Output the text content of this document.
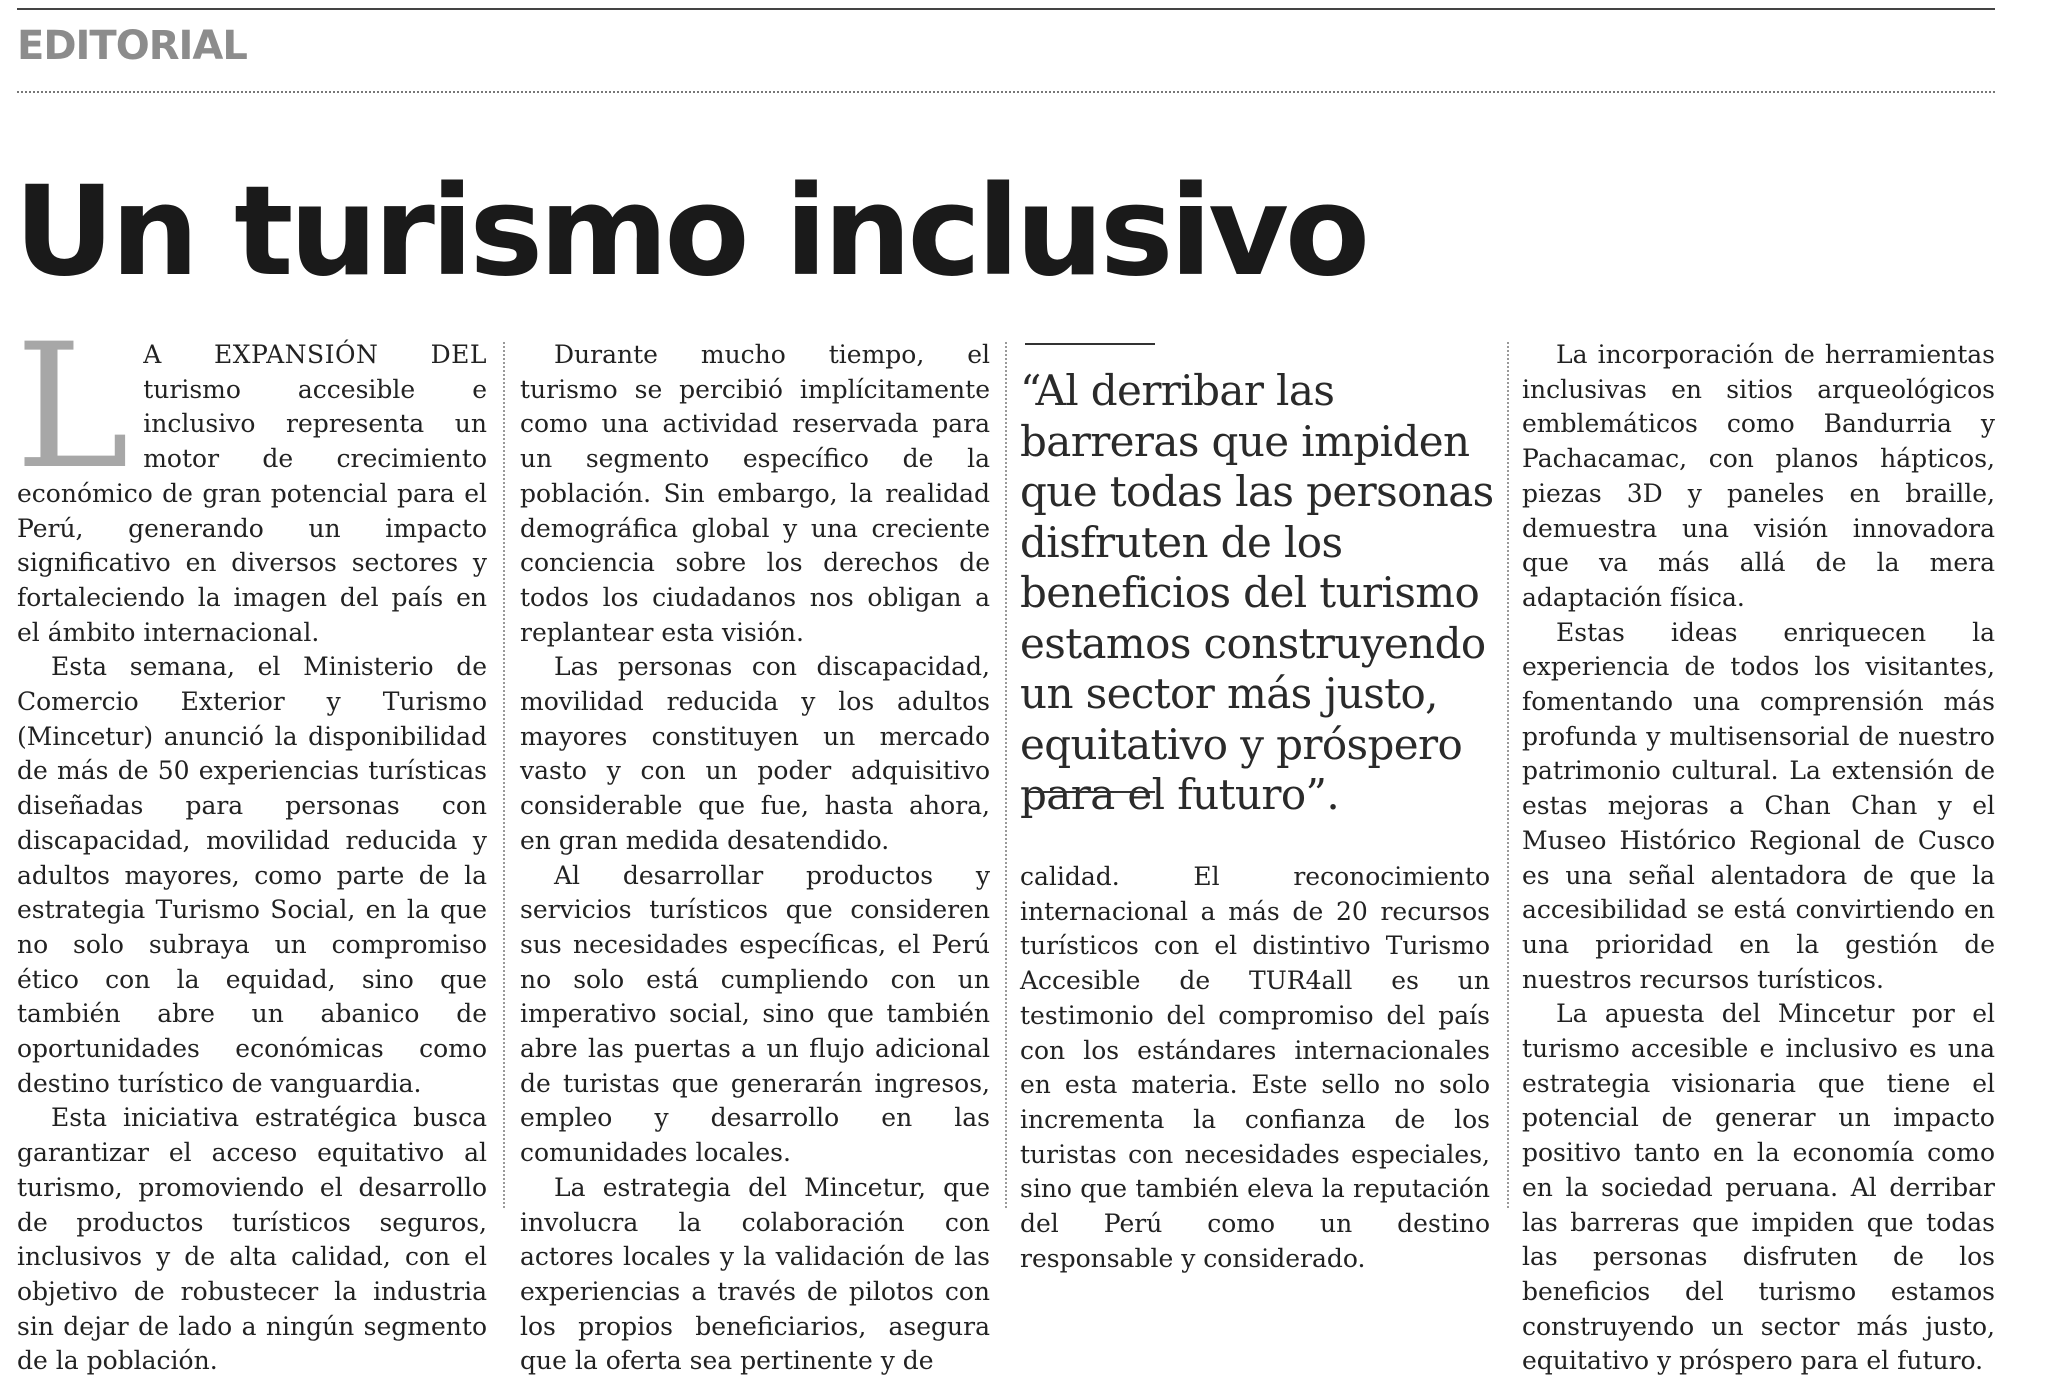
EDITORIAL
Un turismo inclusivo

L A EXPANSIÓN DEL turismo accesible e inclusivo representa un motor de crecimiento económico de gran potencial para el Perú, generando un impacto significativo en diversos sectores y fortaleciendo la imagen del país en el ámbito internacional.

Esta semana, el Ministerio de Comercio Exterior y Turismo (Mincetur) anunció la disponibilidad de más de 50 experiencias turísticas diseñadas para personas con discapacidad, movilidad reducida y adultos mayores, como parte de la estrategia Turismo Social, en la que no solo subraya un compromiso ético con la equidad, sino que también abre un abanico de oportunidades económicas como destino turístico de vanguardia.

Esta iniciativa estratégica busca garantizar el acceso equitativo al turismo, promoviendo el desarrollo de productos turísticos seguros, inclusivos y de alta calidad, con el objetivo de robustecer la industria sin dejar de lado a ningún segmento de la población.

Durante mucho tiempo, el turismo se percibió implícitamente como una actividad reservada para un segmento específico de la población. Sin embargo, la realidad demográfica global y una creciente conciencia sobre los derechos de todos los ciudadanos nos obligan a replantear esta visión.

Las personas con discapacidad, movilidad reducida y los adultos mayores constituyen un mercado vasto y con un poder adquisitivo considerable que fue, hasta ahora, en gran medida desatendido.

Al desarrollar productos y servicios turísticos que consideren sus necesidades específicas, el Perú no solo está cumpliendo con un imperativo social, sino que también abre las puertas a un flujo adicional de turistas que generarán ingresos, empleo y desarrollo en las comunidades locales.

La estrategia del Mincetur, que involucra la colaboración con actores locales y la validación de las experiencias a través de pilotos con los propios beneficiarios, asegura que la oferta sea pertinente y de

“Al derribar las barreras que impiden que todas las personas disfruten de los beneficios del turismo estamos construyendo un sector más justo, equitativo y próspero para el futuro”.

calidad. El reconocimiento internacional a más de 20 recursos turísticos con el distintivo Turismo Accesible de TUR4all es un testimonio del compromiso del país con los estándares internacionales en esta materia. Este sello no solo incrementa la confianza de los turistas con necesidades especiales, sino que también eleva la reputación del Perú como un destino responsable y considerado.

La incorporación de herramientas inclusivas en sitios arqueológicos emblemáticos como Bandurria y Pachacamac, con planos hápticos, piezas 3D y paneles en braille, demuestra una visión innovadora que va más allá de la mera adaptación física.

Estas ideas enriquecen la experiencia de todos los visitantes, fomentando una comprensión más profunda y multisensorial de nuestro patrimonio cultural. La extensión de estas mejoras a Chan Chan y el Museo Histórico Regional de Cusco es una señal alentadora de que la accesibilidad se está convirtiendo en una prioridad en la gestión de nuestros recursos turísticos.

La apuesta del Mincetur por el turismo accesible e inclusivo es una estrategia visionaria que tiene el potencial de generar un impacto positivo tanto en la economía como en la sociedad peruana. Al derribar las barreras que impiden que todas las personas disfruten de los beneficios del turismo estamos construyendo un sector más justo, equitativo y próspero para el futuro.
